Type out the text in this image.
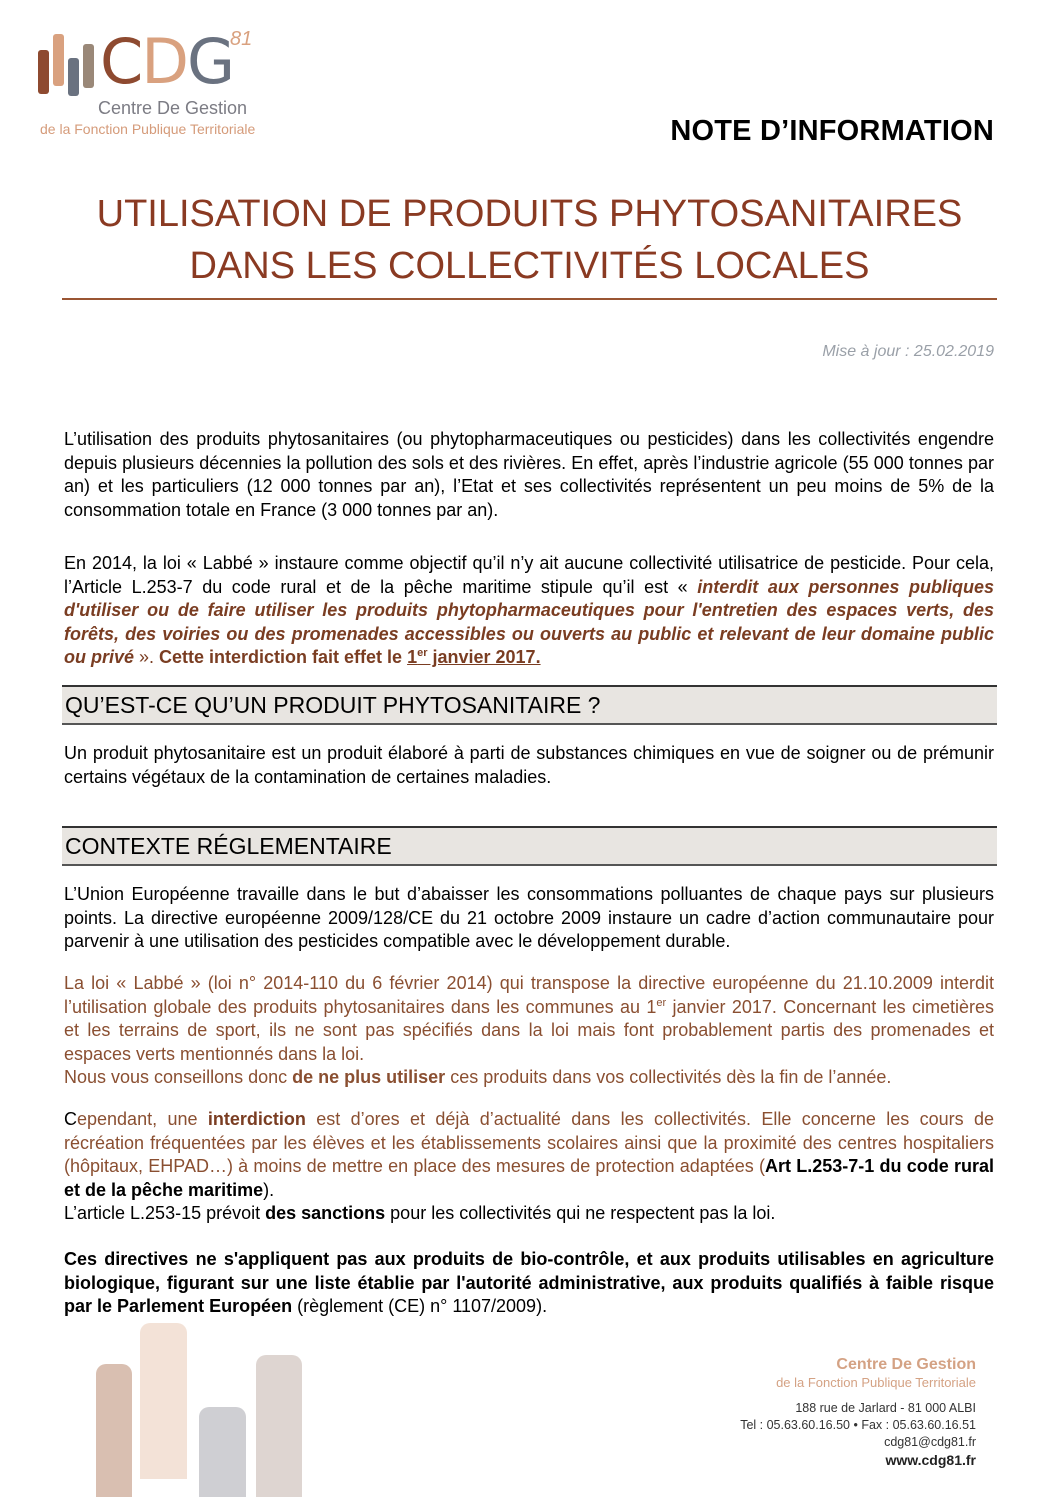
CDG
81
Centre De Gestion
de la Fonction Publique Territoriale	NOTE D’INFORMATION
UTILISATION DE PRODUITS PHYTOSANITAIRES
DANS LES COLLECTIVITÉS LOCALES
Mise à jour : 25.02.2019
L’utilisation des produits phytosanitaires (ou phytopharmaceutiques ou pesticides) dans les collectivités engendre depuis plusieurs décennies la pollution des sols et des rivières. En effet, après l’industrie agricole (55 000 tonnes par an) et les particuliers (12 000 tonnes par an), l’Etat et ses collectivités représentent un peu moins de 5% de la consommation totale en France (3 000 tonnes par an).
En 2014, la loi « Labbé » instaure comme objectif qu’il n’y ait aucune collectivité utilisatrice de pesticide. Pour cela, l’Article L.253-7 du code rural et de la pêche maritime stipule qu’il est « interdit aux personnes publiques d'utiliser ou de faire utiliser les produits phytopharmaceutiques pour l'entretien des espaces verts, des forêts, des voiries ou des promenades accessibles ou ouverts au public et relevant de leur domaine public ou privé ». Cette interdiction fait effet le 1er janvier 2017.
QU’EST-CE QU’UN PRODUIT PHYTOSANITAIRE ?
Un produit phytosanitaire est un produit élaboré à parti de substances chimiques en vue de soigner ou de prémunir certains végétaux de la contamination de certaines maladies.
CONTEXTE RÉGLEMENTAIRE
L’Union Européenne travaille dans le but d’abaisser les consommations polluantes de chaque pays sur plusieurs points. La directive européenne 2009/128/CE du 21 octobre 2009 instaure un cadre d’action communautaire pour parvenir à une utilisation des pesticides compatible avec le développement durable.
La loi « Labbé » (loi n° 2014-110 du 6 février 2014) qui transpose la directive européenne du 21.10.2009 interdit l’utilisation globale des produits phytosanitaires dans les communes au 1er janvier 2017. Concernant les cimetières et les terrains de sport, ils ne sont pas spécifiés dans la loi mais font probablement partis des promenades et espaces verts mentionnés dans la loi.
Nous vous conseillons donc de ne plus utiliser ces produits dans vos collectivités dès la fin de l’année.
Cependant, une interdiction est d’ores et déjà d’actualité dans les collectivités. Elle concerne les cours de récréation fréquentées par les élèves et les établissements scolaires ainsi que la proximité des centres hospitaliers (hôpitaux, EHPAD…) à moins de mettre en place des mesures de protection adaptées (Art L.253-7-1 du code rural et de la pêche maritime).
L’article L.253-15 prévoit des sanctions pour les collectivités qui ne respectent pas la loi.
Ces directives ne s'appliquent pas aux produits de bio-contrôle, et aux produits utilisables en agriculture biologique, figurant sur une liste établie par l'autorité administrative, aux produits qualifiés à faible risque par le Parlement Européen (règlement (CE) n° 1107/2009).
Centre De Gestion
de la Fonction Publique Territoriale
188 rue de Jarlard - 81 000 ALBI
Tel : 05.63.60.16.50 • Fax : 05.63.60.16.51
cdg81@cdg81.fr
www.cdg81.fr
